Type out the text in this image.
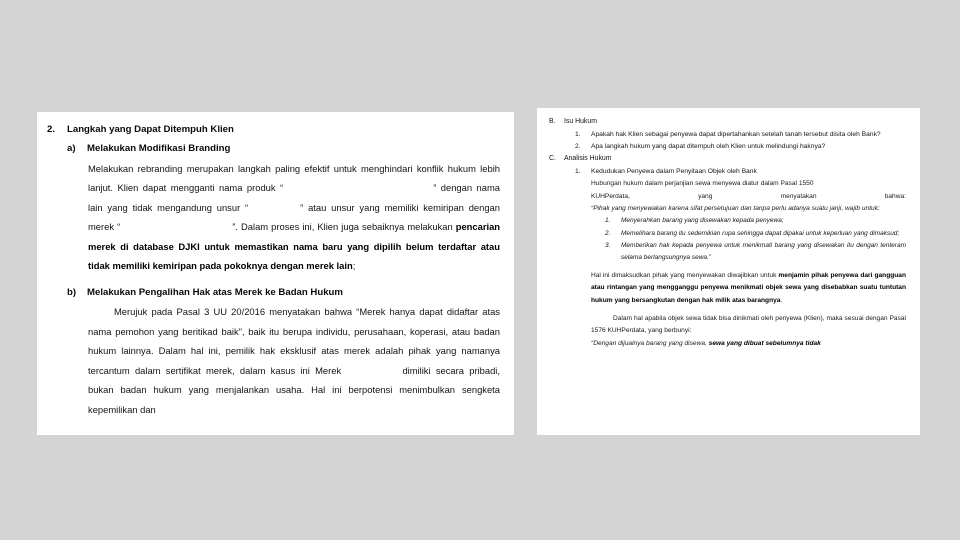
2.	Langkah yang Dapat Ditempuh Klien
a)	Melakukan Modifikasi Branding
Melakukan rebranding merupakan langkah paling efektif untuk menghindari konflik hukum lebih lanjut. Klien dapat mengganti nama produk “	” dengan nama lain yang tidak mengandung unsur “	” atau unsur yang memiliki kemiripan dengan merek “	”. Dalam proses ini, Klien juga sebaiknya melakukan pencarian merek di database DJKI untuk memastikan nama baru yang dipilih belum terdaftar atau tidak memiliki kemiripan pada pokoknya dengan merek lain;
b)	Melakukan Pengalihan Hak atas Merek ke Badan Hukum
Merujuk pada Pasal 3 UU 20/2016 menyatakan bahwa “Merek hanya dapat didaftar atas nama pemohon yang beritikad baik”, baik itu berupa individu, perusahaan, koperasi, atau badan hukum lainnya. Dalam hal ini, pemilik hak eksklusif atas merek adalah pihak yang namanya tercantum dalam sertifikat merek, dalam kasus ini Merek	dimiliki secara pribadi, bukan badan hukum yang menjalankan usaha. Hal ini berpotensi menimbulkan sengketa kepemilikan dan
B.	Isu Hukum
1.	Apakah hak Klien sebagai penyewa dapat dipertahankan setelah tanah tersebut disita oleh Bank?
2.	Apa langkah hukum yang dapat ditempuh oleh Klien untuk melindungi haknya?
C.	Analisis Hukum
1.	Kedudukan Penyewa dalam Penyitaan Objek oleh Bank
Hubungan hukum dalam perjanjian sewa menyewa diatur dalam Pasal 1550
KUHPerdata,	yang	menyatakan	bahwa:
“Pihak yang menyewakan karena sifat persetujuan dan tanpa perlu adanya suatu janji, wajib untuk:
1.	Menyerahkan barang yang disewakan kepada penyewa;
2.	Memelihara barang itu sedemikian rupa sehingga dapat dipakai untuk keperluan yang dimaksud;
3.	Memberikan hak kepada penyewa untuk menikmati barang yang disewakan itu dengan tenteram selama berlangsungnya sewa.”
Hal ini dimaksudkan pihak yang menyewakan diwajibkan untuk menjamin pihak penyewa dari gangguan atau rintangan yang mengganggu penyewa menikmati objek sewa yang disebabkan suatu tuntutan hukum yang bersangkutan dengan hak milik atas barangnya.
Dalam hal apabila objek sewa tidak bisa dinikmati oleh penyewa (Klien), maka sesuai dengan Pasal 1576 KUHPerdata, yang berbunyi:
“Dengan dijualnya barang yang disewa, sewa yang dibuat sebelumnya tidak
